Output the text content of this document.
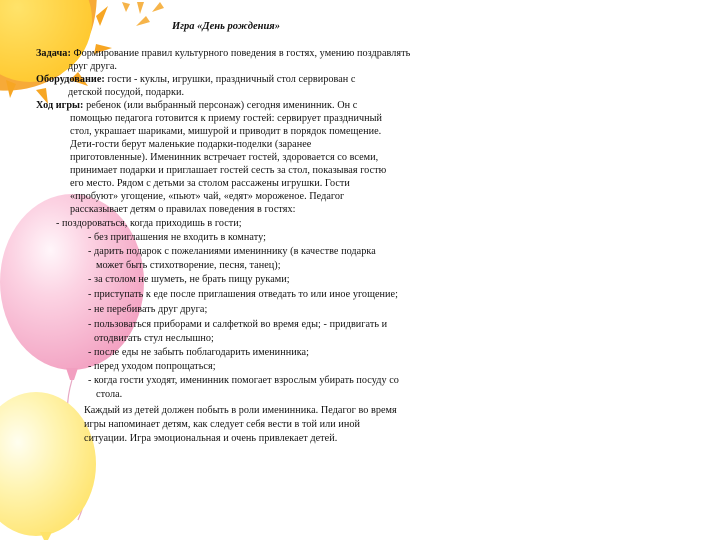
Игра «День рождения»
Задача: Формирование правил культурного поведения в гостях, умению поздравлять
друг друга.
Оборудование: гости - куклы, игрушки, праздничный стол сервирован с
детской посудой, подарки.
Ход игры: ребенок (или выбранный персонаж) сегодня именинник. Он с
помощью педагога готовится к приему гостей: сервирует праздничный
стол, украшает шариками, мишурой и приводит в порядок помещение.
Дети-гости берут маленькие подарки-поделки (заранее
приготовленные). Именинник встречает гостей, здоровается со всеми,
принимает подарки и приглашает гостей сесть за стол, показывая гостю
его место. Рядом с детьми за столом рассажены игрушки. Гости
«пробуют» угощение, «пьют» чай, «едят» мороженое. Педагог
рассказывает детям о правилах поведения в гостях:
- поздороваться, когда приходишь в гости;
- без приглашения не входить в комнату;
- дарить подарок с пожеланиями имениннику (в качестве подарка
может быть стихотворение, песня, танец);
- за столом не шуметь, не брать пищу руками;
- приступать к еде после приглашения отведать то или иное угощение;
- не перебивать друг друга;
- пользоваться приборами и салфеткой во время еды; - придвигать и
отодвигать стул неслышно;
- после еды не забыть поблагодарить именинника;
- перед уходом попрощаться;
- когда гости уходят, именинник помогает взрослым убирать посуду со
стола.
Каждый из детей должен побыть в роли именинника. Педагог во время
игры напоминает детям, как следует себя вести в той или иной
ситуации. Игра эмоциональная и очень привлекает детей.
